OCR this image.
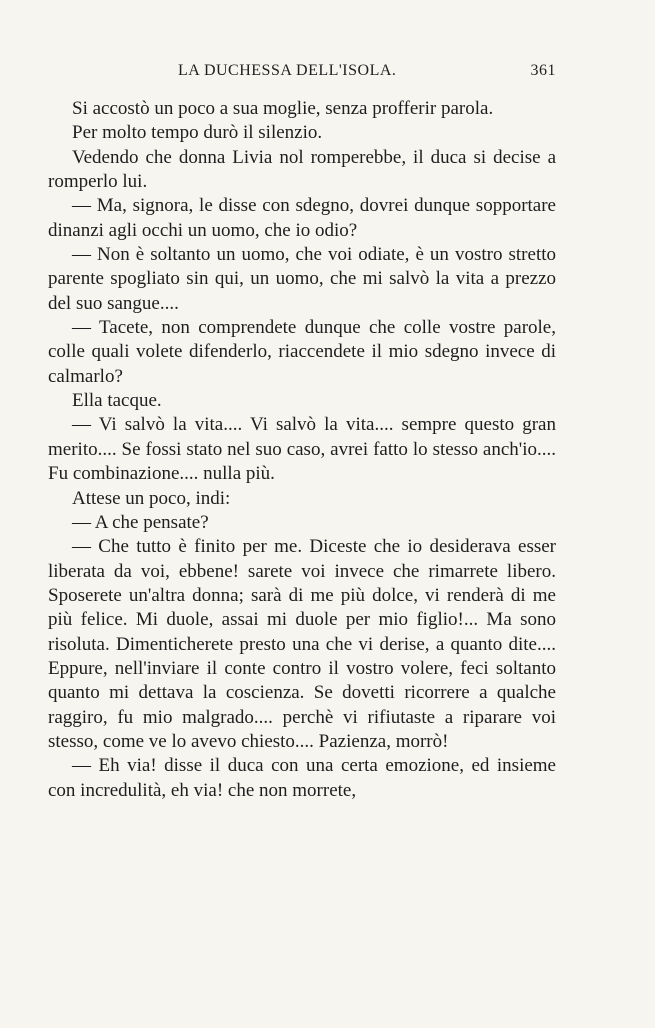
LA DUCHESSA DELL'ISOLA.	361

Si accostò un poco a sua moglie, senza profferir parola.

Per molto tempo durò il silenzio.

Vedendo che donna Livia nol romperebbe, il duca si decise a romperlo lui.

— Ma, signora, le disse con sdegno, dovrei dunque sopportare dinanzi agli occhi un uomo, che io odio?

— Non è soltanto un uomo, che voi odiate, è un vostro stretto parente spogliato sin qui, un uomo, che mi salvò la vita a prezzo del suo sangue....

— Tacete, non comprendete dunque che colle vostre parole, colle quali volete difenderlo, riaccendete il mio sdegno invece di calmarlo?

Ella tacque.

— Vi salvò la vita.... Vi salvò la vita.... sempre questo gran merito.... Se fossi stato nel suo caso, avrei fatto lo stesso anch'io.... Fu combinazione.... nulla più.

Attese un poco, indi:

— A che pensate?

— Che tutto è finito per me. Diceste che io desiderava esser liberata da voi, ebbene! sarete voi invece che rimarrete libero. Sposerete un'altra donna; sarà di me più dolce, vi renderà di me più felice. Mi duole, assai mi duole per mio figlio!... Ma sono risoluta. Dimenticherete presto una che vi derise, a quanto dite.... Eppure, nell'inviare il conte contro il vostro volere, feci soltanto quanto mi dettava la coscienza. Se dovetti ricorrere a qualche raggiro, fu mio malgrado.... perchè vi rifiutaste a riparare voi stesso, come ve lo avevo chiesto.... Pazienza, morrò!

— Eh via! disse il duca con una certa emozione, ed insieme con incredulità, eh via! che non morrete,
